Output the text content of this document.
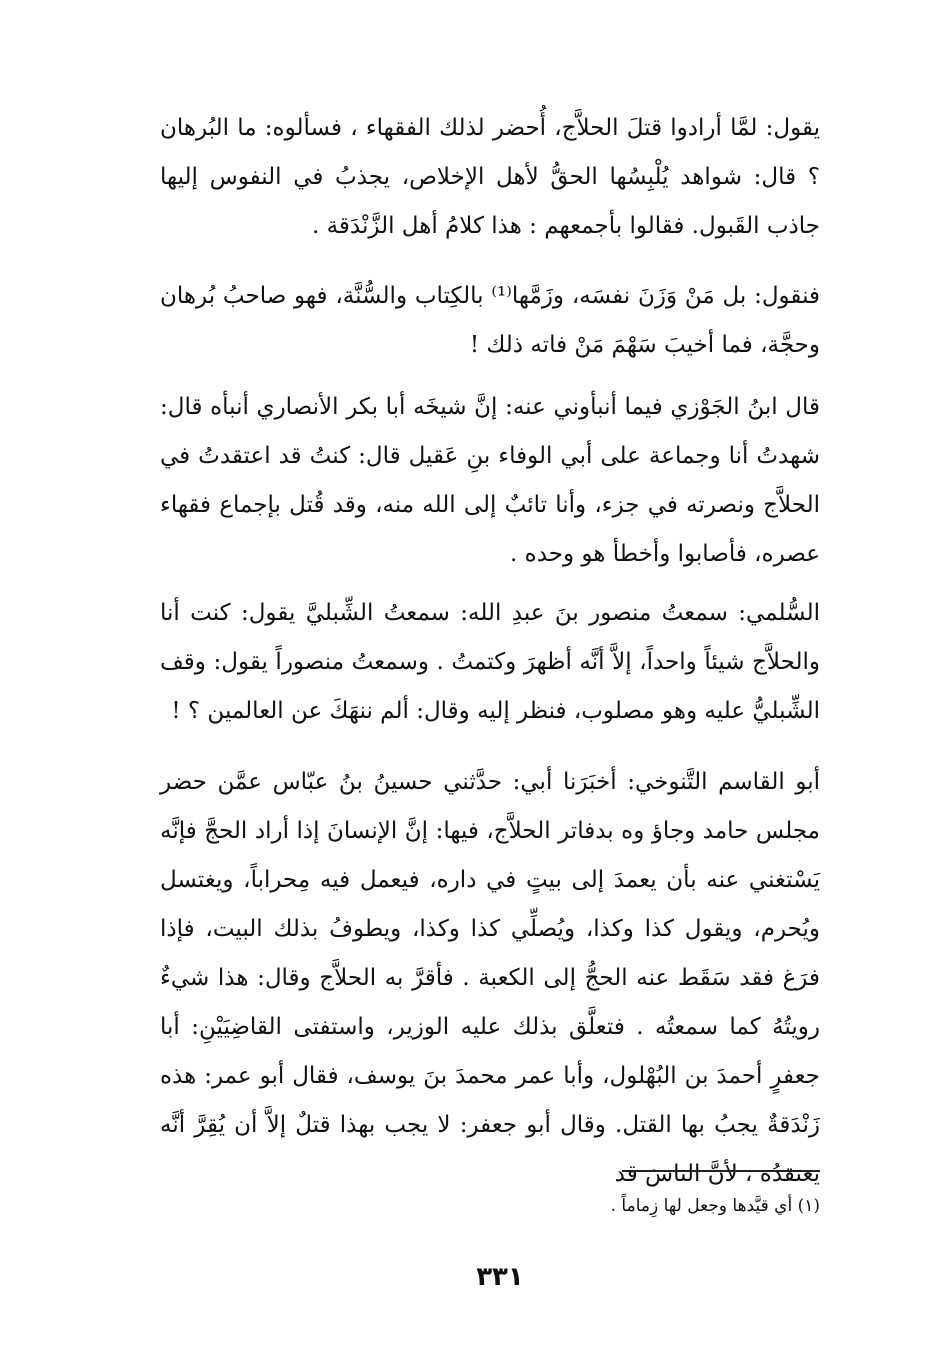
يقول: لمَّا أرادوا قتلَ الحلاَّج، أُحضر لذلك الفقهاء ، فسألوه: ما البُرهان ؟ قال: شواهد يُلْبِسُها الحقُّ لأهل الإخلاص، يجذبُ في النفوس إليها جاذب القَبول. فقالوا بأجمعهم : هذا كلامُ أهل الزَّنْدَقة .

فنقول: بل مَنْ وَزَنَ نفسَه، وزَمَّها⁽¹⁾ بالكِتاب والسُّنَّة، فهو صاحبُ بُرهان وحجَّة، فما أخيبَ سَهْمَ مَنْ فاته ذلك !

قال ابنُ الجَوْزي فيما أنبأوني عنه: إنَّ شيخَه أبا بكر الأنصاري أنبأه قال: شهدتُ أنا وجماعة على أبي الوفاء بنِ عَقيل قال: كنتُ قد اعتقدتُ في الحلاَّج ونصرته في جزء، وأنا تائبٌ إلى الله منه، وقد قُتل بإجماع فقهاء عصره، فأصابوا وأخطأ هو وحده .

السُّلمي: سمعتُ منصور بنَ عبدِ الله: سمعتُ الشِّبليَّ يقول: كنت أنا والحلاَّج شيئاً واحداً، إلاَّ أنَّه أظهرَ وكتمتُ . وسمعتُ منصوراً يقول: وقف الشِّبليُّ عليه وهو مصلوب، فنظر إليه وقال: ألم ننهَكَ عن العالمين ؟ !

أبو القاسم التَّنوخي: أخبَرَنا أبي: حدَّثني حسينُ بنُ عبّاس عمَّن حضر مجلس حامد وجاؤ وه بدفاتر الحلاَّج، فيها: إنَّ الإنسانَ إذا أراد الحجَّ فإنَّه يَسْتغني عنه بأن يعمدَ إلى بيتٍ في داره، فيعمل فيه مِحراباً، ويغتسل ويُحرم، ويقول كذا وكذا، ويُصلِّي كذا وكذا، ويطوفُ بذلك البيت، فإذا فرَغ فقد سَقَط عنه الحجُّ إلى الكعبة . فأقرَّ به الحلاَّج وقال: هذا شيءٌ رويتُهُ كما سمعتُه . فتعلَّق بذلك عليه الوزير، واستفتى القاضِيَيْنِ: أبا جعفرٍ أحمدَ بن البُهْلول، وأبا عمر محمدَ بنَ يوسف، فقال أبو عمر: هذه زَنْدَقةٌ يجبُ بها القتل. وقال أبو جعفر: لا يجب بهذا قتلٌ إلاَّ أن يُقِرَّ أنَّه يعتقدُه ، لأنَّ الناسَ قد

(١) أي قيَّدها وجعل لها زِماماً .
٣٣١
